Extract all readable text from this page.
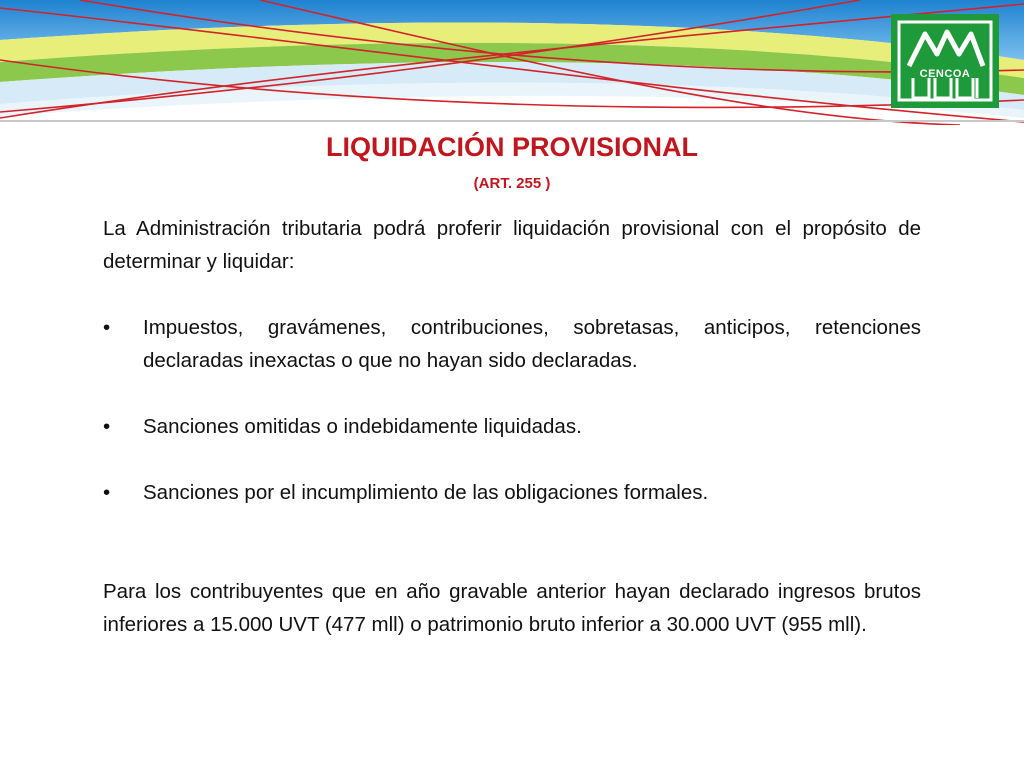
CENCOA
LIQUIDACIÓN PROVISIONAL
(ART. 255 )

La Administración tributaria podrá proferir liquidación provisional con el propósito de determinar y liquidar:

• Impuestos, gravámenes, contribuciones, sobretasas, anticipos, retenciones declaradas inexactas o que no hayan sido declaradas.
• Sanciones omitidas o indebidamente liquidadas.
• Sanciones por el incumplimiento de las obligaciones formales.

Para los contribuyentes que en año gravable anterior hayan declarado ingresos brutos inferiores a 15.000 UVT (477 mll) o patrimonio bruto inferior a 30.000 UVT (955 mll).
